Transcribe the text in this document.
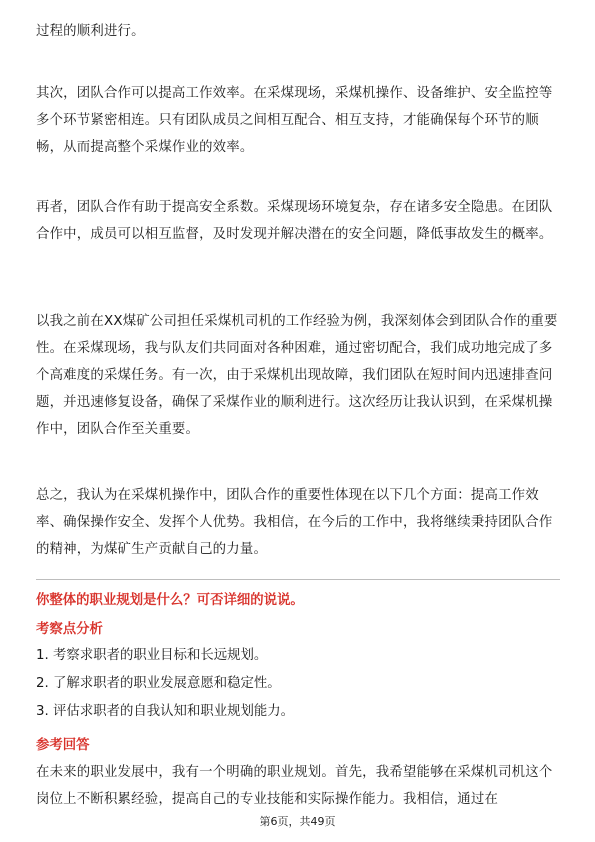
过程的顺利进行。

其次，团队合作可以提高工作效率。在采煤现场，采煤机操作、设备维护、安全监控等多个环节紧密相连。只有团队成员之间相互配合、相互支持，才能确保每个环节的顺畅，从而提高整个采煤作业的效率。

再者，团队合作有助于提高安全系数。采煤现场环境复杂，存在诸多安全隐患。在团队合作中，成员可以相互监督，及时发现并解决潜在的安全问题，降低事故发生的概率。

以我之前在XX煤矿公司担任采煤机司机的工作经验为例，我深刻体会到团队合作的重要性。在采煤现场，我与队友们共同面对各种困难，通过密切配合，我们成功地完成了多个高难度的采煤任务。有一次，由于采煤机出现故障，我们团队在短时间内迅速排查问题，并迅速修复设备，确保了采煤作业的顺利进行。这次经历让我认识到，在采煤机操作中，团队合作至关重要。

总之，我认为在采煤机操作中，团队合作的重要性体现在以下几个方面：提高工作效率、确保操作安全、发挥个人优势。我相信，在今后的工作中，我将继续秉持团队合作的精神，为煤矿生产贡献自己的力量。

你整体的职业规划是什么？可否详细的说说。

考察点分析

1. 考察求职者的职业目标和长远规划。

2. 了解求职者的职业发展意愿和稳定性。

3. 评估求职者的自我认知和职业规划能力。

参考回答

在未来的职业发展中，我有一个明确的职业规划。首先，我希望能够在采煤机司机这个岗位上不断积累经验，提高自己的专业技能和实际操作能力。我相信，通过在

第6页，共49页
